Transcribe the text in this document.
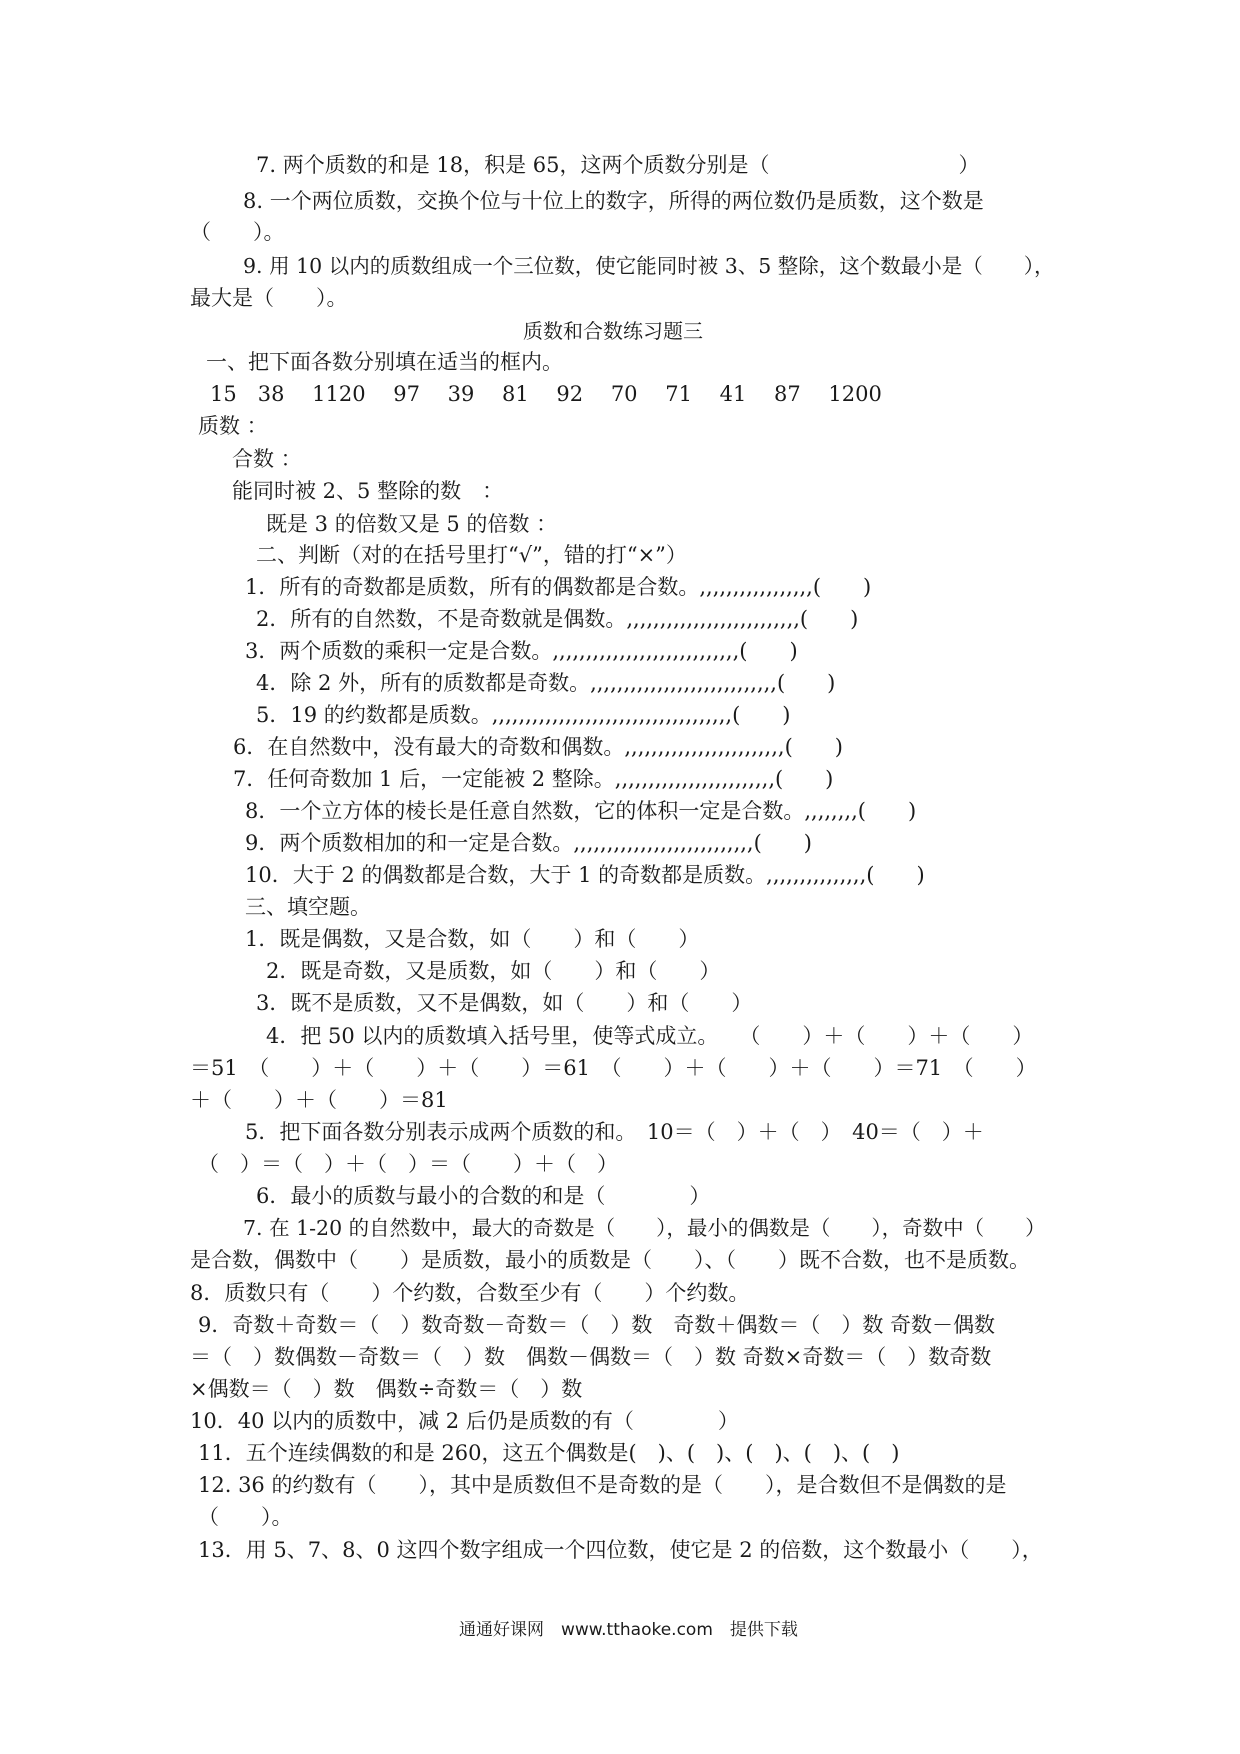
7. 两个质数的和是 18，积是 65，这两个质数分别是（　　　　　　　　　）
8. 一个两位质数，交换个位与十位上的数字，所得的两位数仍是质数，这个数是
（　　）。
9. 用 10 以内的质数组成一个三位数，使它能同时被 3、5 整除，这个数最小是（　　），
最大是（　　）。
质数和合数练习题三
一、把下面各数分别填在适当的框内。
15　38　 1120　 97　 39　 81　 92　 70　 71　 41　 87　 1200
质数 ：
合数 ：
能同时被 2、5 整除的数　：
既是 3 的倍数又是 5 的倍数 ：
二、判断（对的在括号里打“√”，错的打“×”）
1．所有的奇数都是质数，所有的偶数都是合数。,,,,,,,,,,,,,,,,,(　　)
2．所有的自然数，不是奇数就是偶数。,,,,,,,,,,,,,,,,,,,,,,,,,,(　　)
3．两个质数的乘积一定是合数。,,,,,,,,,,,,,,,,,,,,,,,,,,,,(　　)
4．除 2 外，所有的质数都是奇数。,,,,,,,,,,,,,,,,,,,,,,,,,,,,(　　)
5．19 的约数都是质数。,,,,,,,,,,,,,,,,,,,,,,,,,,,,,,,,,,,,(　　)
6．在自然数中，没有最大的奇数和偶数。,,,,,,,,,,,,,,,,,,,,,,,,(　　)
7．任何奇数加 1 后，一定能被 2 整除。,,,,,,,,,,,,,,,,,,,,,,,,(　　)
8．一个立方体的棱长是任意自然数，它的体积一定是合数。,,,,,,,,(　　)
9．两个质数相加的和一定是合数。,,,,,,,,,,,,,,,,,,,,,,,,,,,(　　)
10．大于 2 的偶数都是合数，大于 1 的奇数都是质数。,,,,,,,,,,,,,,,(　　)
三、填空题。
1．既是偶数，又是合数，如（　　）和（　　）
2．既是奇数，又是质数，如（　　）和（　　）
3．既不是质数，又不是偶数，如（　　）和（　　）
4．把 50 以内的质数填入括号里，使等式成立。　　（　　）＋（　　）＋（　　）
＝51　（　　）＋（　　）＋（　　）＝61　（　　）＋（　　）＋（　　）＝71　（　　）
＋（　　）＋（　　）＝81
5．把下面各数分别表示成两个质数的和。　10＝（　）＋（　）　40＝（　）＋
（　）＝（　）＋（　）＝（　　）＋（　）
6．最小的质数与最小的合数的和是（　　　　）
7. 在 1-20 的自然数中，最大的奇数是（　　），最小的偶数是（　　），奇数中（　　）
是合数，偶数中（　　）是质数，最小的质数是（　　）、（　　）既不合数，也不是质数。
8．质数只有（　　）个约数，合数至少有（　　）个约数。
9．奇数＋奇数＝（　）数奇数－奇数＝（　）数　奇数＋偶数＝（　）数 奇数－偶数
＝（　）数偶数－奇数＝（　）数　偶数－偶数＝（　）数 奇数×奇数＝（　）数奇数
×偶数＝（　）数　偶数÷奇数＝（　）数
10．40 以内的质数中，减 2 后仍是质数的有（　　　　）
11．五个连续偶数的和是 260，这五个偶数是(　)、(　)、(　)、(　)、(　)
12. 36 的约数有（　　），其中是质数但不是奇数的是（　　），是合数但不是偶数的是
（　　）。
13．用 5、7、8、0 这四个数字组成一个四位数，使它是 2 的倍数，这个数最小（　　），
通通好课网　www.tthaoke.com　提供下载
